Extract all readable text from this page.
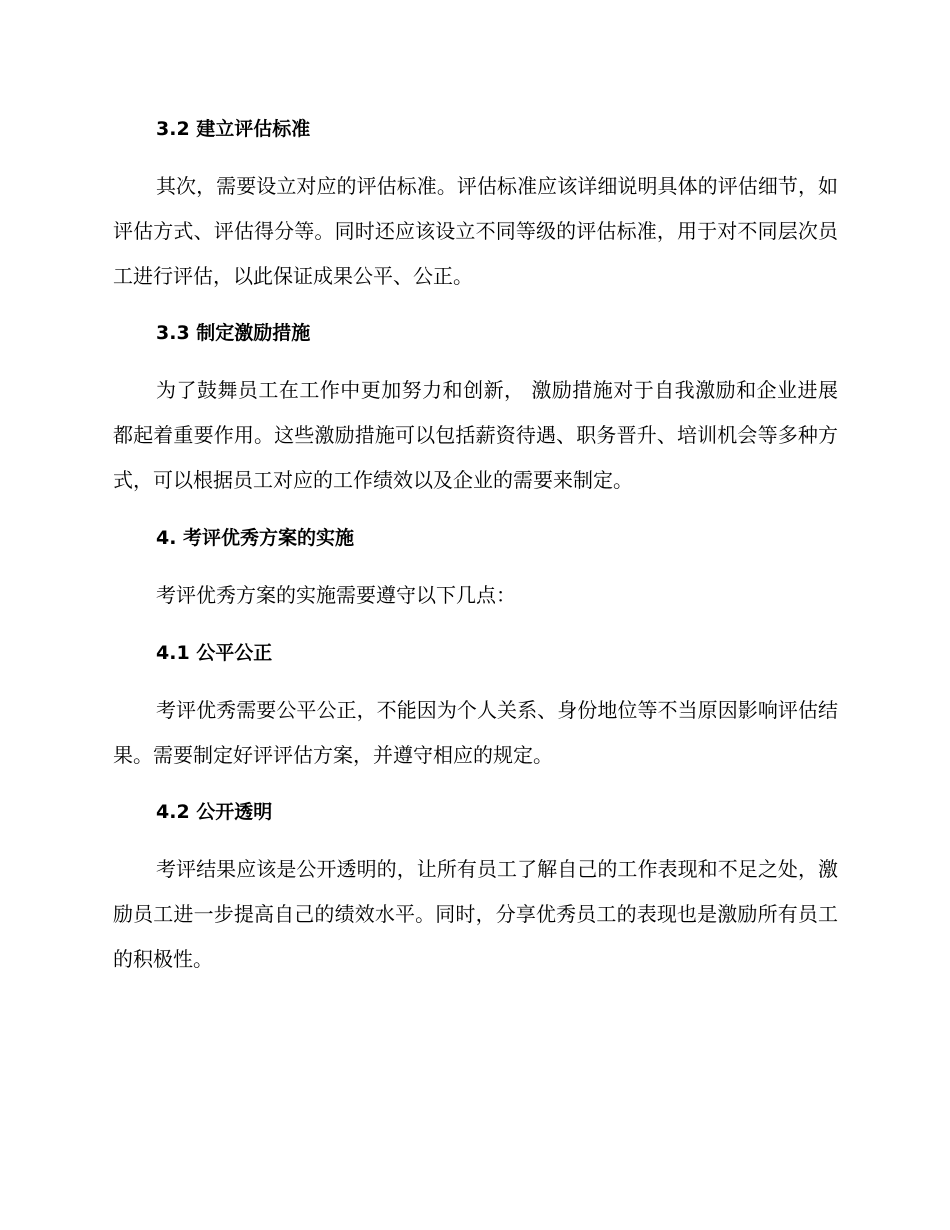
3.2 建立评估标准

其次，需要设立对应的评估标准。评估标准应该详细说明具体的评估细节，如评估方式、评估得分等。同时还应该设立不同等级的评估标准，用于对不同层次员工进行评估，以此保证成果公平、公正。

3.3 制定激励措施

为了鼓舞员工在工作中更加努力和创新， 激励措施对于自我激励和企业进展都起着重要作用。这些激励措施可以包括薪资待遇、职务晋升、培训机会等多种方式，可以根据员工对应的工作绩效以及企业的需要来制定。

4. 考评优秀方案的实施

考评优秀方案的实施需要遵守以下几点：

4.1 公平公正

考评优秀需要公平公正，不能因为个人关系、身份地位等不当原因影响评估结果。需要制定好评评估方案，并遵守相应的规定。

4.2 公开透明

考评结果应该是公开透明的，让所有员工了解自己的工作表现和不足之处，激励员工进一步提高自己的绩效水平。同时，分享优秀员工的表现也是激励所有员工的积极性。
